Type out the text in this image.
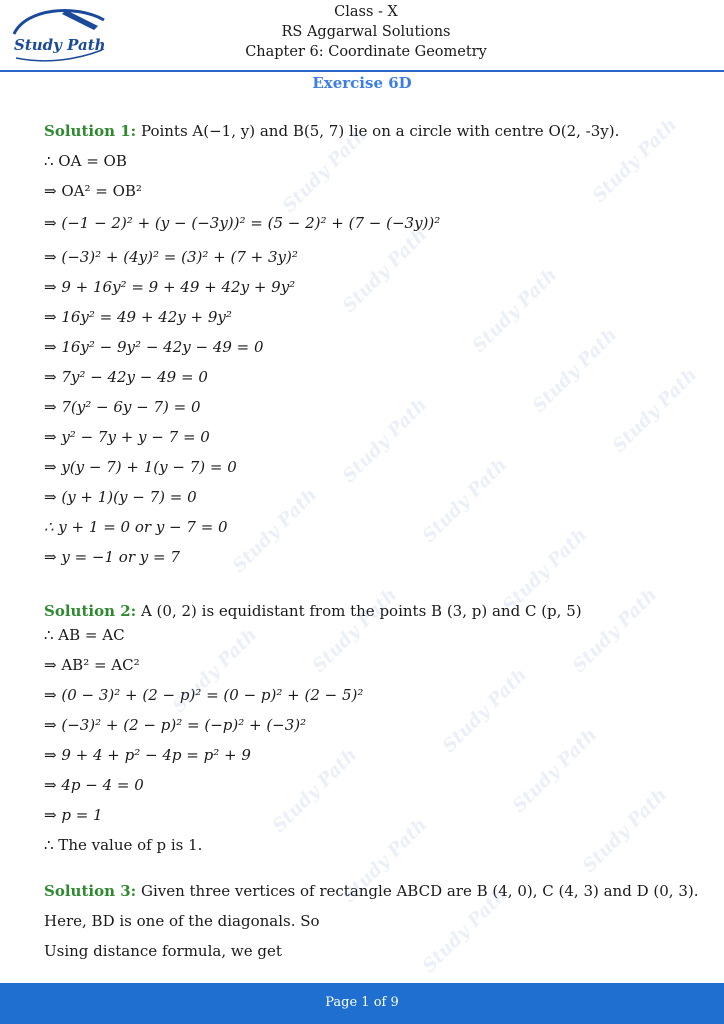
Study Path
Class - X
RS Aggarwal Solutions
Chapter 6: Coordinate Geometry
Exercise 6D
Solution 1: Points A(−1, y) and B(5, 7) lie on a circle with centre O(2, -3y).
∴ OA = OB
⇒ OA² = OB²
⇒ (−1 − 2)² + (y − (−3y))² = (5 − 2)² + (7 − (−3y))²
⇒ (−3)² + (4y)² = (3)² + (7 + 3y)²
⇒ 9 + 16y² = 9 + 49 + 42y + 9y²
⇒ 16y² = 49 + 42y + 9y²
⇒ 16y² − 9y² − 42y − 49 = 0
⇒ 7y² − 42y − 49 = 0
⇒ 7(y² − 6y − 7) = 0
⇒ y² − 7y + y − 7 = 0
⇒ y(y − 7) + 1(y − 7) = 0
⇒ (y + 1)(y − 7) = 0
∴ y + 1 = 0 or y − 7 = 0
⇒ y = −1 or y = 7
Solution 2: A (0, 2) is equidistant from the points B (3, p) and C (p, 5)
∴ AB = AC
⇒ AB² = AC²
⇒ (0 − 3)² + (2 − p)² = (0 − p)² + (2 − 5)²
⇒ (−3)² + (2 − p)² = (−p)² + (−3)²
⇒ 9 + 4 + p² − 4p = p² + 9
⇒ 4p − 4 = 0
⇒ p = 1
∴ The value of p is 1.
Solution 3: Given three vertices of rectangle ABCD are B (4, 0), C (4, 3) and D (0, 3).
Here, BD is one of the diagonals. So
Using distance formula, we get
Study Path	Study Path
Study Path Study Path
Study Path
Study Path
Study Path
Study Path
Study Path
Study Path
Study Path
Study Path
Study Path	Study Path
Study Path
Study Path
Study Path	Study Path
Study Path
Page 1 of 9
